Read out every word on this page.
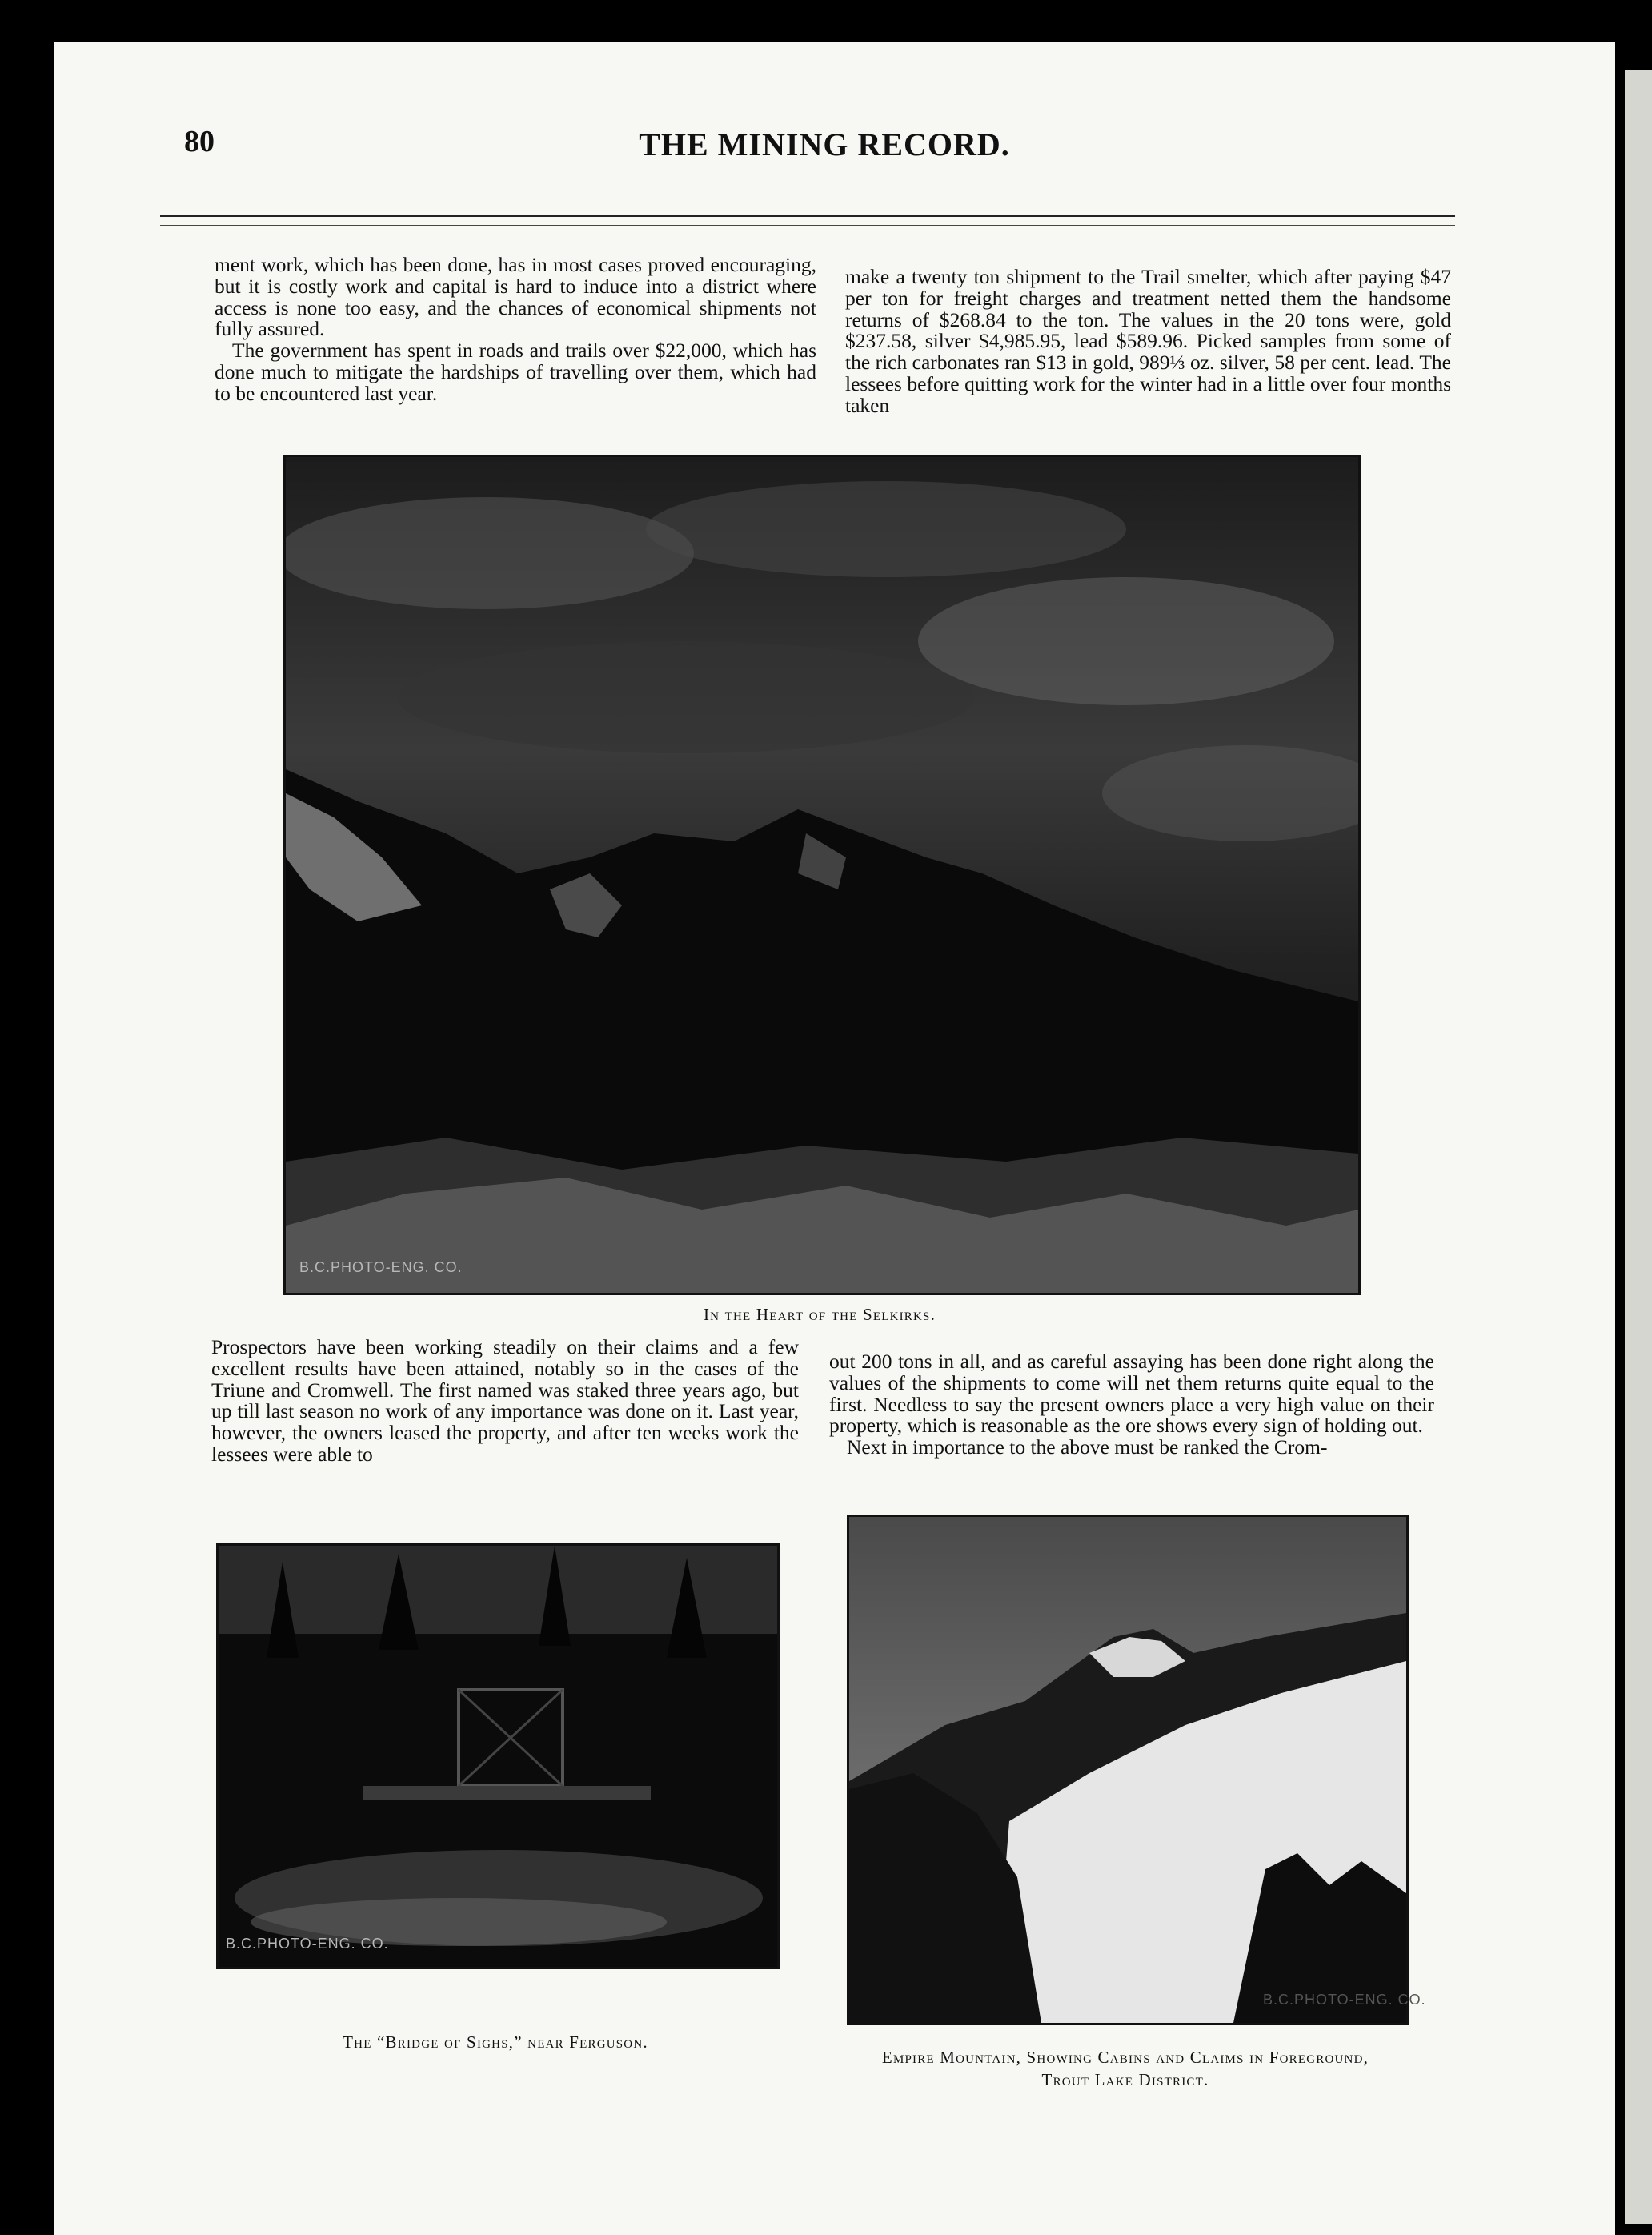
80	THE MINING RECORD.

ment work, which has been done, has in most cases proved encouraging, but it is costly work and capital is hard to induce into a district where access is none too easy, and the chances of economical shipments not fully assured.

The government has spent in roads and trails over $22,000, which has done much to mitigate the hardships of travelling over them, which had to be encountered last year.

make a twenty ton shipment to the Trail smelter, which after paying $47 per ton for freight charges and treatment netted them the handsome returns of $268.84 to the ton. The values in the 20 tons were, gold $237.58, silver $4,985.95, lead $589.96. Picked samples from some of the rich carbonates ran $13 in gold, 989⅓ oz. silver, 58 per cent. lead. The lessees before quitting work for the winter had in a little over four months taken

B.C.PHOTO-ENG. CO.
In the Heart of the Selkirks.

Prospectors have been working steadily on their claims and a few excellent results have been attained, notably so in the cases of the Triune and Cromwell. The first named was staked three years ago, but up till last season no work of any importance was done on it. Last year, however, the owners leased the property, and after ten weeks work the lessees were able to

out 200 tons in all, and as careful assaying has been done right along the values of the shipments to come will net them returns quite equal to the first. Needless to say the present owners place a very high value on their property, which is reasonable as the ore shows every sign of holding out.

Next in importance to the above must be ranked the Crom-

B.C.PHOTO-ENG. CO.
The “Bridge of Sighs,” near Ferguson.
B.C.PHOTO-ENG. CO.
Empire Mountain, Showing Cabins and Claims in Foreground,
Trout Lake District.
